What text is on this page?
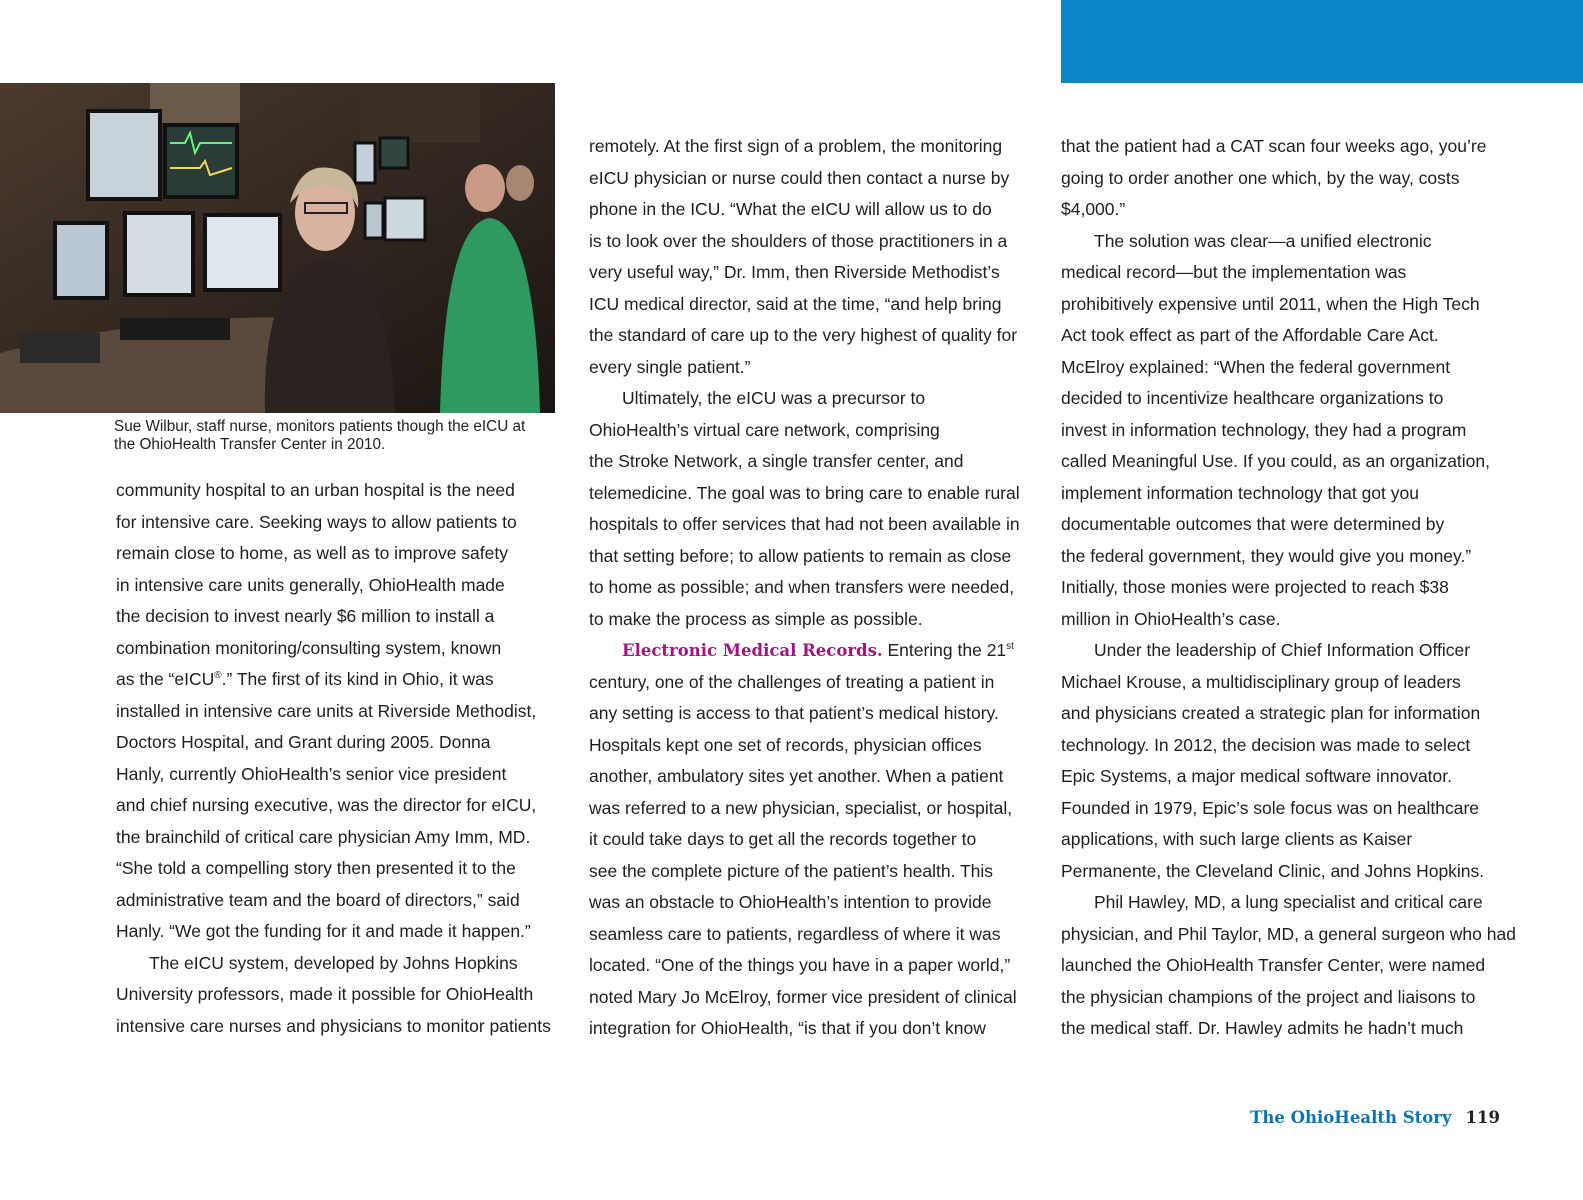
Sue Wilbur, staff nurse, monitors patients though the eICU at
the OhioHealth Transfer Center in 2010.

community hospital to an urban hospital is the need
for intensive care. Seeking ways to allow patients to
remain close to home, as well as to improve safety
in intensive care units generally, OhioHealth made
the decision to invest nearly $6 million to install a
combination monitoring/consulting system, known
as the “eICU®.” The first of its kind in Ohio, it was
installed in intensive care units at Riverside Methodist,
Doctors Hospital, and Grant during 2005. Donna
Hanly, currently OhioHealth’s senior vice president
and chief nursing executive, was the director for eICU,
the brainchild of critical care physician Amy Imm, MD.
“She told a compelling story then presented it to the
administrative team and the board of directors,” said
Hanly. “We got the funding for it and made it happen.”

The eICU system, developed by Johns Hopkins
University professors, made it possible for OhioHealth
intensive care nurses and physicians to monitor patients

remotely. At the first sign of a problem, the monitoring
eICU physician or nurse could then contact a nurse by
phone in the ICU. “What the eICU will allow us to do
is to look over the shoulders of those practitioners in a
very useful way,” Dr. Imm, then Riverside Methodist’s
ICU medical director, said at the time, “and help bring
the standard of care up to the very highest of quality for
every single patient.”

Ultimately, the eICU was a precursor to
OhioHealth’s virtual care network, comprising
the Stroke Network, a single transfer center, and
telemedicine. The goal was to bring care to enable rural
hospitals to offer services that had not been available in
that setting before; to allow patients to remain as close
to home as possible; and when transfers were needed,
to make the process as simple as possible.

Electronic Medical Records. Entering the 21st
century, one of the challenges of treating a patient in
any setting is access to that patient’s medical history.
Hospitals kept one set of records, physician offices
another, ambulatory sites yet another. When a patient
was referred to a new physician, specialist, or hospital,
it could take days to get all the records together to
see the complete picture of the patient’s health. This
was an obstacle to OhioHealth’s intention to provide
seamless care to patients, regardless of where it was
located. “One of the things you have in a paper world,”
noted Mary Jo McElroy, former vice president of clinical
integration for OhioHealth, “is that if you don’t know

that the patient had a CAT scan four weeks ago, you’re
going to order another one which, by the way, costs
$4,000.”

The solution was clear—a unified electronic
medical record—but the implementation was
prohibitively expensive until 2011, when the High Tech
Act took effect as part of the Affordable Care Act.
McElroy explained: “When the federal government
decided to incentivize healthcare organizations to
invest in information technology, they had a program
called Meaningful Use. If you could, as an organization,
implement information technology that got you
documentable outcomes that were determined by
the federal government, they would give you money.”
Initially, those monies were projected to reach $38
million in OhioHealth’s case.

Under the leadership of Chief Information Officer
Michael Krouse, a multidisciplinary group of leaders
and physicians created a strategic plan for information
technology. In 2012, the decision was made to select
Epic Systems, a major medical software innovator.
Founded in 1979, Epic’s sole focus was on healthcare
applications, with such large clients as Kaiser
Permanente, the Cleveland Clinic, and Johns Hopkins.

Phil Hawley, MD, a lung specialist and critical care
physician, and Phil Taylor, MD, a general surgeon who had
launched the OhioHealth Transfer Center, were named
the physician champions of the project and liaisons to
the medical staff. Dr. Hawley admits he hadn’t much

The OhioHealth Story 119
